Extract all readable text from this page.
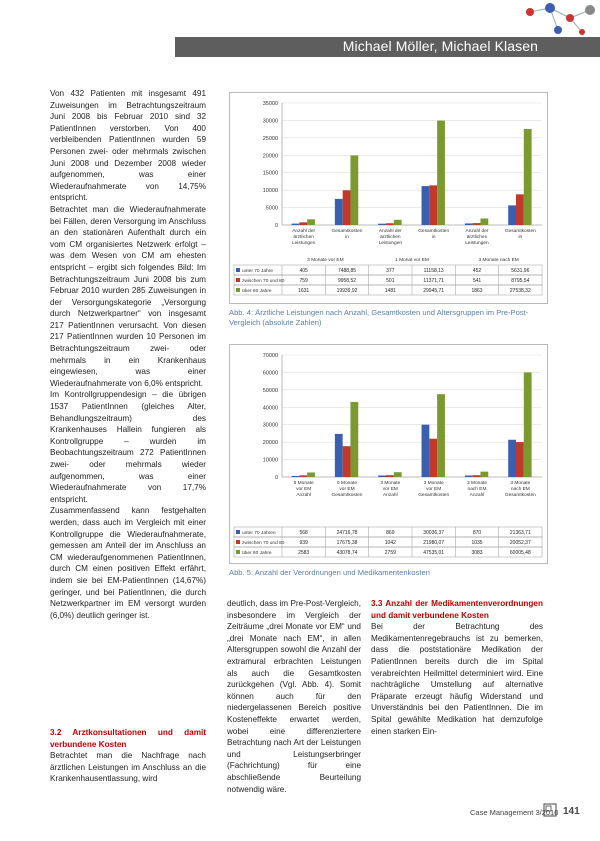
Michael Möller, Michael Klasen

Von 432 Patienten mit insgesamt 491 Zuweisungen im Betrachtungszeitraum Juni 2008 bis Februar 2010 sind 32 PatientInnen verstorben. Von 400 verbleibenden PatientInnen wurden 59 Personen zwei- oder mehrmals zwischen Juni 2008 und Dezember 2008 wieder aufgenommen, was einer Wiederaufnahmerate von 14,75% entspricht.

Betrachtet man die Wiederaufnahmerate bei Fällen, deren Versorgung im Anschluss an den stationären Aufenthalt durch ein vom CM organisiertes Netzwerk erfolgt – was dem Wesen von CM am ehesten entspricht – ergibt sich folgendes Bild: Im Betrachtungszeitraum Juni 2008 bis zum Februar 2010 wurden 285 Zuweisungen in der Versorgungskategorie „Versorgung durch Netzwerkpartner“ von insgesamt 217 PatientInnen verursacht. Von diesen 217 PatientInnen wurden 10 Personen im Betrachtungszeitraum zwei- oder mehrmals in ein Krankenhaus eingewiesen, was einer Wiederaufnahmerate von 6,0% entspricht.

Im Kontrollgruppendesign – die übrigen 1537 PatientInnen (gleiches Alter, Behandlungszeitraum) des Krankenhauses Hallein fungieren als Kontrollgruppe – wurden im Beobachtungszeitraum 272 PatientInnen zwei- oder mehrmals wieder aufgenommen, was einer Wiederaufnahmerate von 17,7% entspricht.

Zusammenfassend kann festgehalten werden, dass auch im Vergleich mit einer Kontrollgruppe die Wiederaufnahmerate, gemessen am Anteil der im Anschluss an CM wiederaufgenommenen PatientInnen, durch CM einen positiven Effekt erfährt, indem sie bei EM-PatientInnen (14,67%) geringer, und bei PatientInnen, die durch Netzwerkpartner im EM versorgt wurden (6,0%) deutlich geringer ist.

3.2 Arztkonsultationen und damit verbundene Kosten

Betrachtet man die Nachfrage nach ärztlichen Leistungen im Anschluss an die Krankenhausentlassung, wird

deutlich, dass im Pre-Post-Vergleich, insbesondere im Vergleich der Zeiträume „drei Monate vor EM“ und „drei Monate nach EM“, in allen Altersgruppen sowohl die Anzahl der extramural erbrachten Leistungen als auch die Gesamtkosten zurückgehen (Vgl. Abb. 4). Somit können auch für den niedergelassenen Bereich positive Kosteneffekte erwartet werden, wobei eine differenziertere Betrachtung nach Art der Leistungen und Leistungserbringer (Fachrichtung) für eine abschließende Beurteilung notwendig wäre.

3.3 Anzahl der Medikamentenverordnungen und damit verbundene Kosten

Bei der Betrachtung des Medikamentenregebrauchs ist zu bemerken, dass die poststationäre Medikation der PatientInnen bereits durch die im Spital verabreichten Heilmittel determiniert wird. Eine nachträgliche Umstellung auf alternative Präparate erzeugt häufig Widerstand und Unverständnis bei den PatientInnen. Die im Spital gewählte Medikation hat demzufolge einen starken Ein-

35000
30000
25000
20000
15000
10000
5000
0
Anzahl der
ärztlichen
Leistungen
Gesamtkosten
in
Anzahl der
ärztlichen
Leistungen
Gesamtkosten
in
Anzahl der
ärztlichen
Leistungen
Gesamtkosten
in
unter 70 Jahre	405	7488,85	377	11158,13	452	5631,96
zwischen 70 und 80	759	9958,52	501	11371,71	541	8795,54
über 80 Jahre	1631	19939,92	1481	29945,71	1863	27538,32
3 Monate vor EM	1 Monat vor EM	3 Monate nach EM
Abb. 4: Ärztliche Leistungen nach Anzahl, Gesamtkosten und Altersgruppen im Pre-Post-Vergleich (absolute Zahlen)
70000
60000
50000
40000
30000
20000
10000
0
6 Monate
vor EM
Anzahl
6 Monate
vor EM
Gesamtkosten
3 Monate
vor EM
Anzahl
3 Monate
vor EM
Gesamtkosten
3 Monate
nach EM
Anzahl
3 Monate
nach EM
Gesamtkosten
unter 70 Jahren	568	24716,78	869	30036,37	870	21363,71
zwischen 70 und 80	939	17675,38	1042	21980,07	1035	20052,37
über 80 Jahre	2583	43078,74	2759	47535,01	3083	60005,48
Abb. 5: Anzahl der Verordnungen und Medikamentenkosten
Case Management 3/2010 141
